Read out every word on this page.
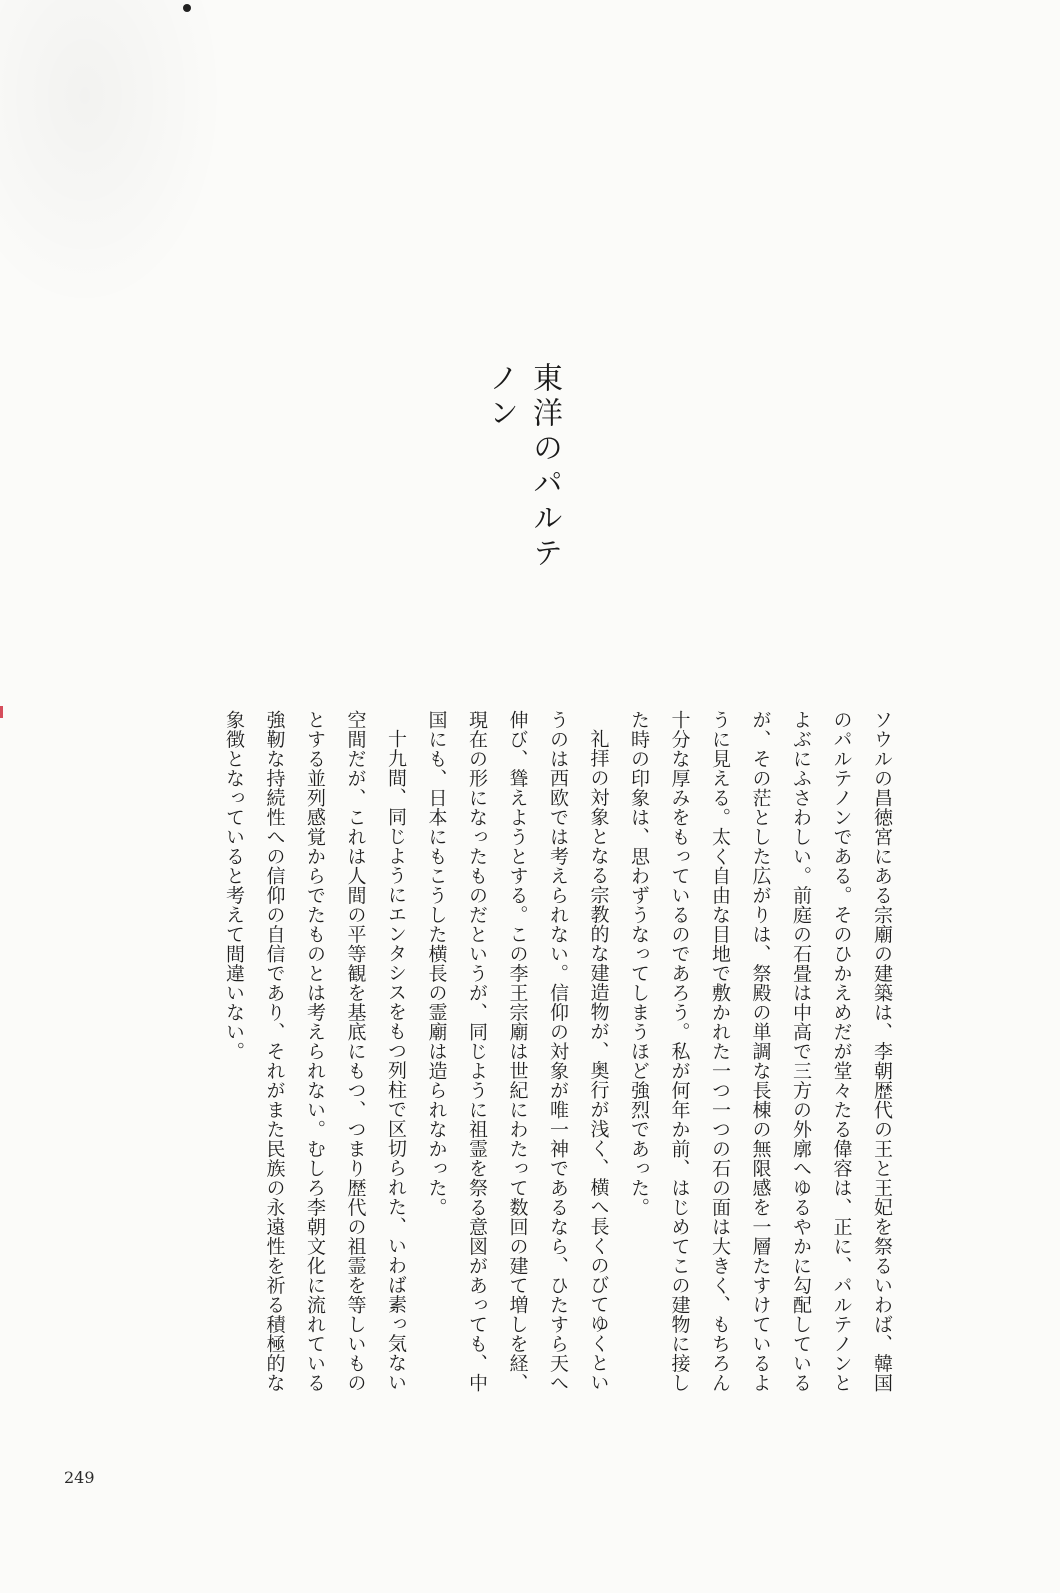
東洋のパルテノン

ソウルの昌徳宮にある宗廟の建築は、李朝歴代の王と王妃を祭るいわば、韓国のパルテノンである。そのひかえめだが堂々たる偉容は、正に、パルテノンとよぶにふさわしい。前庭の石畳は中高で三方の外廓へゆるやかに勾配しているが、その茫とした広がりは、祭殿の単調な長棟の無限感を一層たすけているように見える。太く自由な目地で敷かれた一つ一つの石の面は大きく、もちろん十分な厚みをもっているのであろう。私が何年か前、はじめてこの建物に接した時の印象は、思わずうなってしまうほど強烈であった。

礼拝の対象となる宗教的な建造物が、奥行が浅く、横へ長くのびてゆくというのは西欧では考えられない。信仰の対象が唯一神であるなら、ひたすら天へ伸び、聳えようとする。この李王宗廟は世紀にわたって数回の建て増しを経、現在の形になったものだというが、同じように祖霊を祭る意図があっても、中国にも、日本にもこうした横長の霊廟は造られなかった。

十九間、同じようにエンタシスをもつ列柱で区切られた、いわば素っ気ない空間だが、これは人間の平等観を基底にもつ、つまり歴代の祖霊を等しいものとする並列感覚からでたものとは考えられない。むしろ李朝文化に流れている強靭な持続性への信仰の自信であり、それがまた民族の永遠性を祈る積極的な象徴となっていると考えて間違いない。

249
